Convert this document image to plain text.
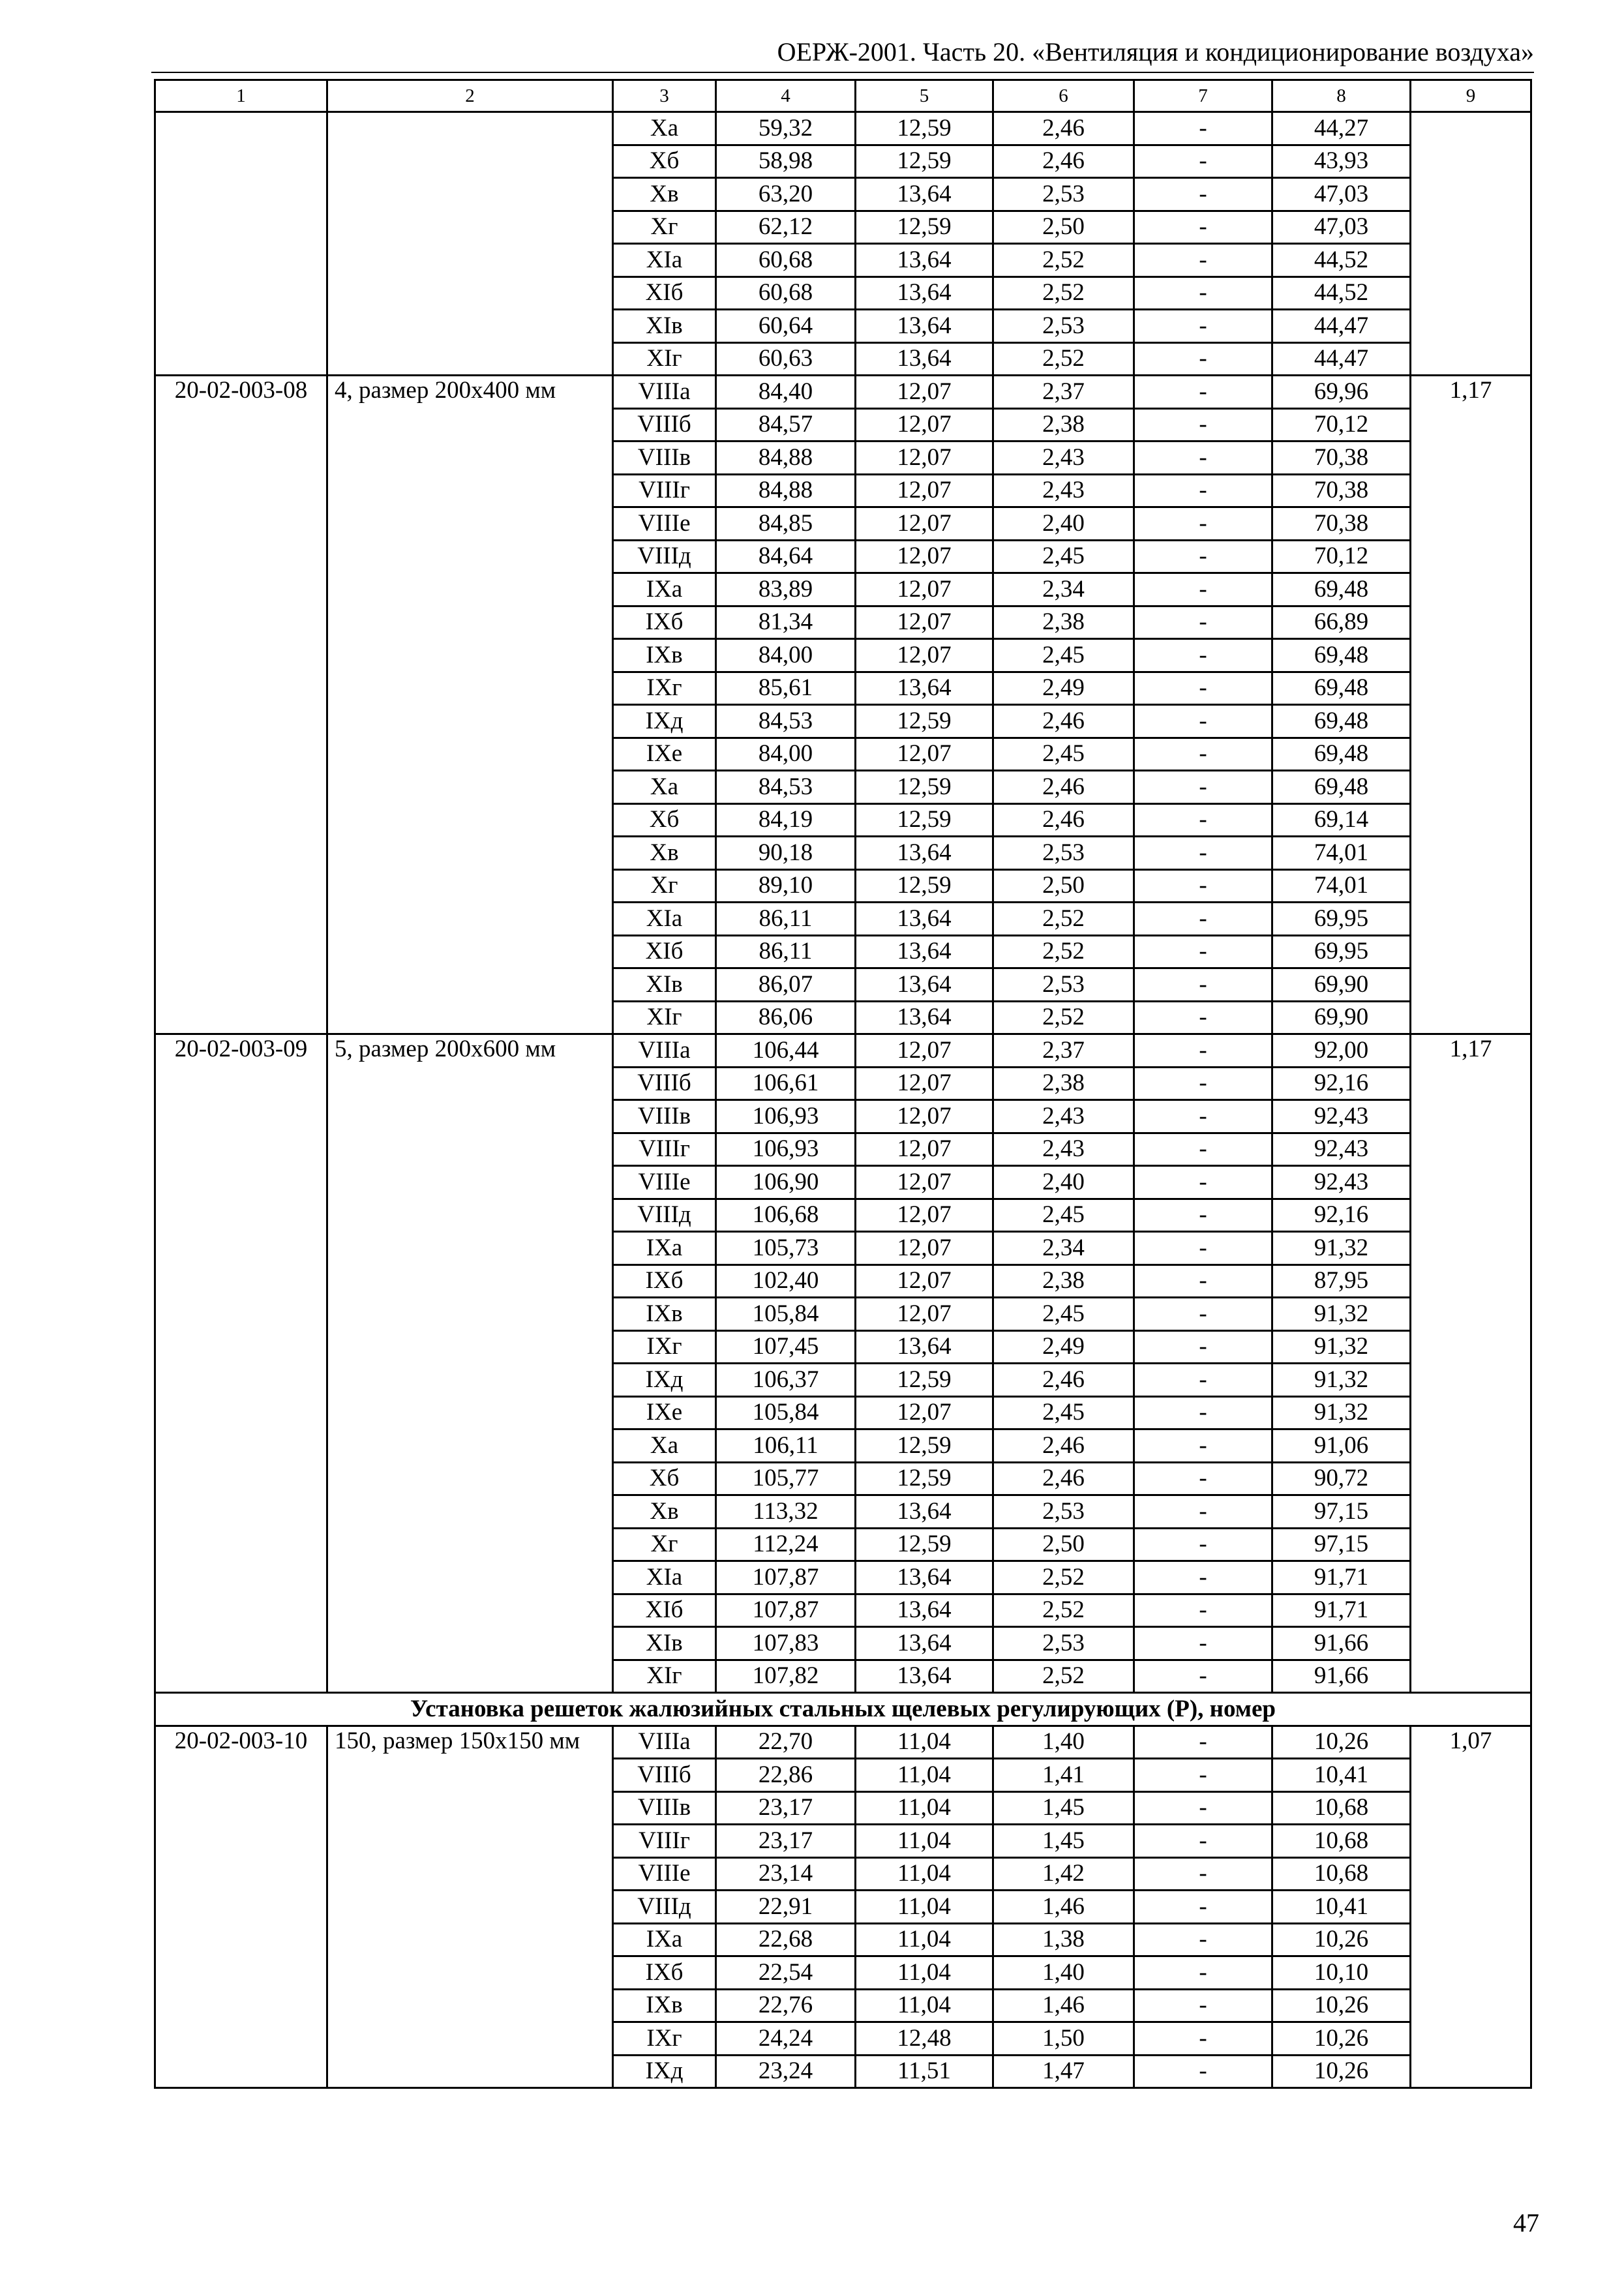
ОЕРЖ-2001. Часть 20. «Вентиляция и кондиционирование воздуха»
1	2	3	4	5	6	7	8	9
		Xa	59,32	12,59	2,46	-	44,27	
		Xб	58,98	12,59	2,46	-	43,93	
		Xв	63,20	13,64	2,53	-	47,03	
		Xг	62,12	12,59	2,50	-	47,03	
		XIa	60,68	13,64	2,52	-	44,52	
		XIб	60,68	13,64	2,52	-	44,52	
		XIв	60,64	13,64	2,53	-	44,47	
		XIг	60,63	13,64	2,52	-	44,47	
20-02-003-08	4, размер 200х400 мм	VIIIa	84,40	12,07	2,37	-	69,96	1,17
		VIIIб	84,57	12,07	2,38	-	70,12	
		VIIIв	84,88	12,07	2,43	-	70,38	
		VIIIг	84,88	12,07	2,43	-	70,38	
		VIIIe	84,85	12,07	2,40	-	70,38	
		VIIIд	84,64	12,07	2,45	-	70,12	
		IXa	83,89	12,07	2,34	-	69,48	
		IXб	81,34	12,07	2,38	-	66,89	
		IXв	84,00	12,07	2,45	-	69,48	
		IXг	85,61	13,64	2,49	-	69,48	
		IXд	84,53	12,59	2,46	-	69,48	
		IXe	84,00	12,07	2,45	-	69,48	
		Xa	84,53	12,59	2,46	-	69,48	
		Xб	84,19	12,59	2,46	-	69,14	
		Xв	90,18	13,64	2,53	-	74,01	
		Xг	89,10	12,59	2,50	-	74,01	
		XIa	86,11	13,64	2,52	-	69,95	
		XIб	86,11	13,64	2,52	-	69,95	
		XIв	86,07	13,64	2,53	-	69,90	
		XIг	86,06	13,64	2,52	-	69,90	
20-02-003-09	5, размер 200х600 мм	VIIIa	106,44	12,07	2,37	-	92,00	1,17
		VIIIб	106,61	12,07	2,38	-	92,16	
		VIIIв	106,93	12,07	2,43	-	92,43	
		VIIIг	106,93	12,07	2,43	-	92,43	
		VIIIe	106,90	12,07	2,40	-	92,43	
		VIIIд	106,68	12,07	2,45	-	92,16	
		IXa	105,73	12,07	2,34	-	91,32	
		IXб	102,40	12,07	2,38	-	87,95	
		IXв	105,84	12,07	2,45	-	91,32	
		IXг	107,45	13,64	2,49	-	91,32	
		IXд	106,37	12,59	2,46	-	91,32	
		IXe	105,84	12,07	2,45	-	91,32	
		Xa	106,11	12,59	2,46	-	91,06	
		Xб	105,77	12,59	2,46	-	90,72	
		Xв	113,32	13,64	2,53	-	97,15	
		Xг	112,24	12,59	2,50	-	97,15	
		XIa	107,87	13,64	2,52	-	91,71	
		XIб	107,87	13,64	2,52	-	91,71	
		XIв	107,83	13,64	2,53	-	91,66	
		XIг	107,82	13,64	2,52	-	91,66	
Установка решеток жалюзийных стальных щелевых регулирующих (Р), номер								
20-02-003-10	150, размер 150х150 мм	VIIIa	22,70	11,04	1,40	-	10,26	1,07
		VIIIб	22,86	11,04	1,41	-	10,41	
		VIIIв	23,17	11,04	1,45	-	10,68	
		VIIIг	23,17	11,04	1,45	-	10,68	
		VIIIe	23,14	11,04	1,42	-	10,68	
		VIIIд	22,91	11,04	1,46	-	10,41	
		IXa	22,68	11,04	1,38	-	10,26	
		IXб	22,54	11,04	1,40	-	10,10	
		IXв	22,76	11,04	1,46	-	10,26	
		IXг	24,24	12,48	1,50	-	10,26	
		IXд	23,24	11,51	1,47	-	10,26	
47
